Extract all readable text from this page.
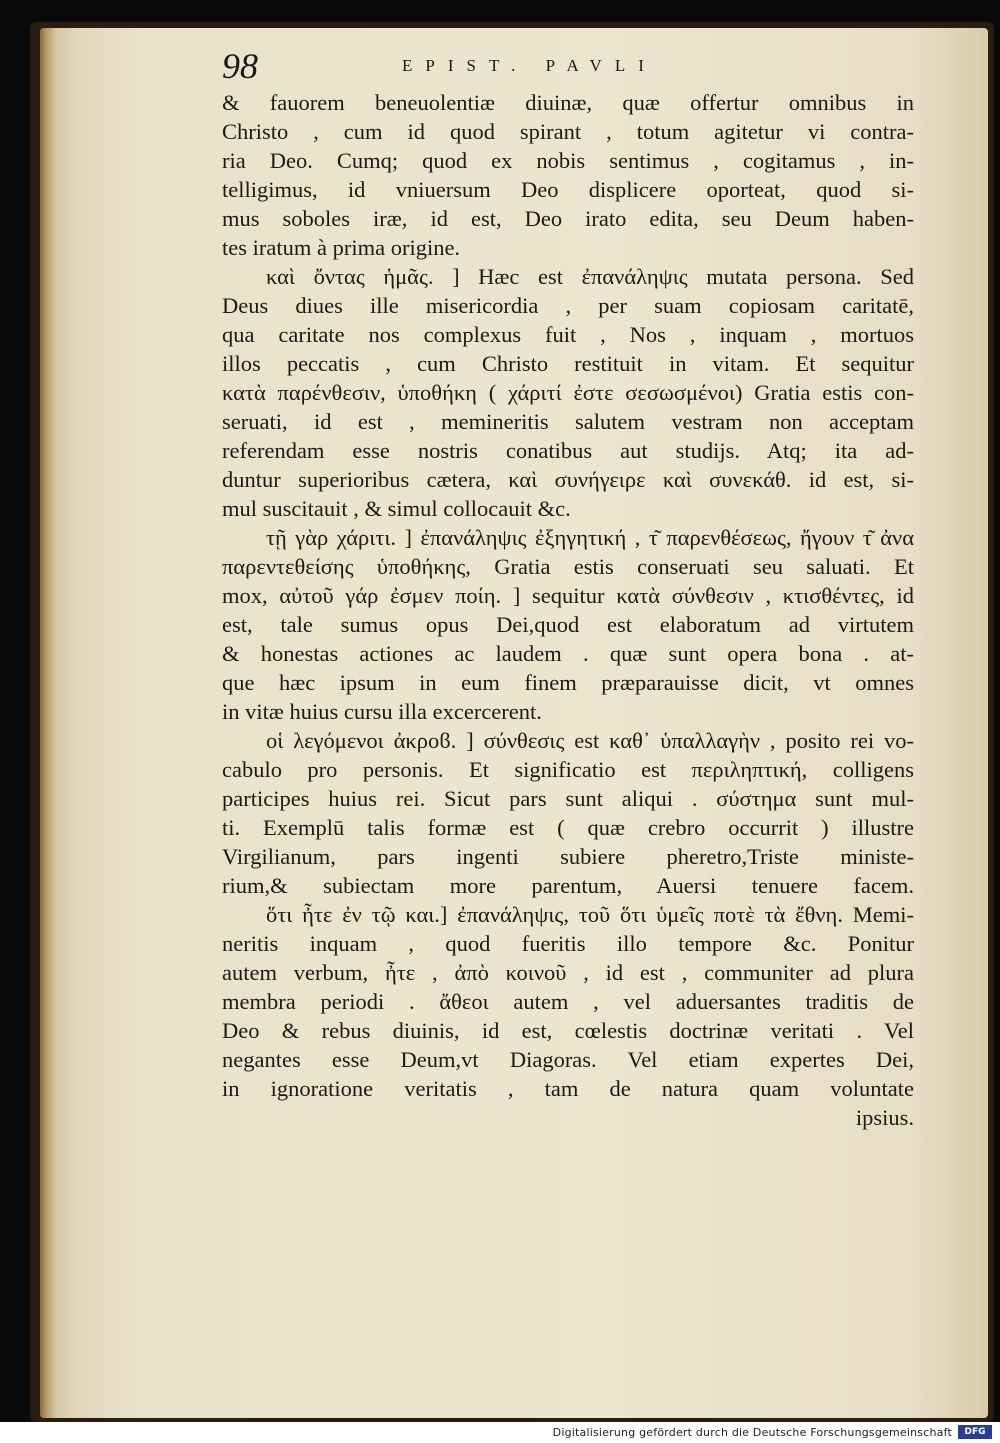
98	EPIST. PAVLI
& fauorem beneuolentiæ diuinæ, quæ offertur omnibus in
Christo , cum id quod spirant , totum agitetur vi contra-
ria Deo. Cumq; quod ex nobis sentimus , cogitamus , in-
telligimus, id vniuersum Deo displicere oporteat, quod si-
mus soboles iræ, id est, Deo irato edita, seu Deum haben-
tes iratum à prima origine.
καὶ ὄντας ἡμᾶς. ] Hæc est ἐπανάληψις mutata persona. Sed
Deus diues ille misericordia , per suam copiosam caritatē,
qua caritate nos complexus fuit , Nos , inquam , mortuos
illos peccatis , cum Christo restituit in vitam. Et sequitur
κατὰ παρένθεσιν, ὑποθήκη ( χάριτί ἐστε σεσωσμένοι) Gratia estis con-
seruati, id est , memineritis salutem vestram non acceptam
referendam esse nostris conatibus aut studijs. Atq; ita ad-
duntur superioribus cætera, καὶ συνήγειρε καὶ συνεκάθ. id est, si-
mul suscitauit , & simul collocauit &c.
τῇ γὰρ χάριτι. ] ἐπανάληψις ἐξηγητική , τ͂ παρενθέσεως, ἤγουν τ͂ ἀνα
παρεντεθείσης ὑποθήκης, Gratia estis conseruati seu saluati. Et
mox, αὐτοῦ γάρ ἐσμεν ποίη. ] sequitur κατὰ σύνθεσιν , κτισθέντες, id
est, tale sumus opus Dei,quod est elaboratum ad virtutem
& honestas actiones ac laudem . quæ sunt opera bona . at-
que hæc ipsum in eum finem præparauisse dicit, vt omnes
in vitæ huius cursu illa excercerent.
οἱ λεγόμενοι ἀκροϐ. ] σύνθεσις est καθ᾽ ὑπαλλαγὴν , posito rei vo-
cabulo pro personis. Et significatio est περιληπτική, colligens
participes huius rei. Sicut pars sunt aliqui . σύστημα sunt mul-
ti. Exemplū talis formæ est ( quæ crebro occurrit ) illustre
Virgilianum, pars ingenti subiere pheretro,Triste ministe-
rium,& subiectam more parentum, Auersi tenuere facem.
ὅτι ἦτε ἐν τῷ και.] ἐπανάληψις, τοῦ ὅτι ὑμεῖς ποτὲ τὰ ἔθνη. Memi-
neritis inquam , quod fueritis illo tempore &c. Ponitur
autem verbum, ἦτε , ἀπὸ κοινοῦ , id est , communiter ad plura
membra periodi . ἄθεοι autem , vel aduersantes traditis de
Deo & rebus diuinis, id est, cœlestis doctrinæ veritati . Vel
negantes esse Deum,vt Diagoras. Vel etiam expertes Dei,
in ignoratione veritatis , tam de natura quam voluntate
ipsius.
Digitalisierung gefördert durch die Deutsche Forschungsgemeinschaft	DFG
